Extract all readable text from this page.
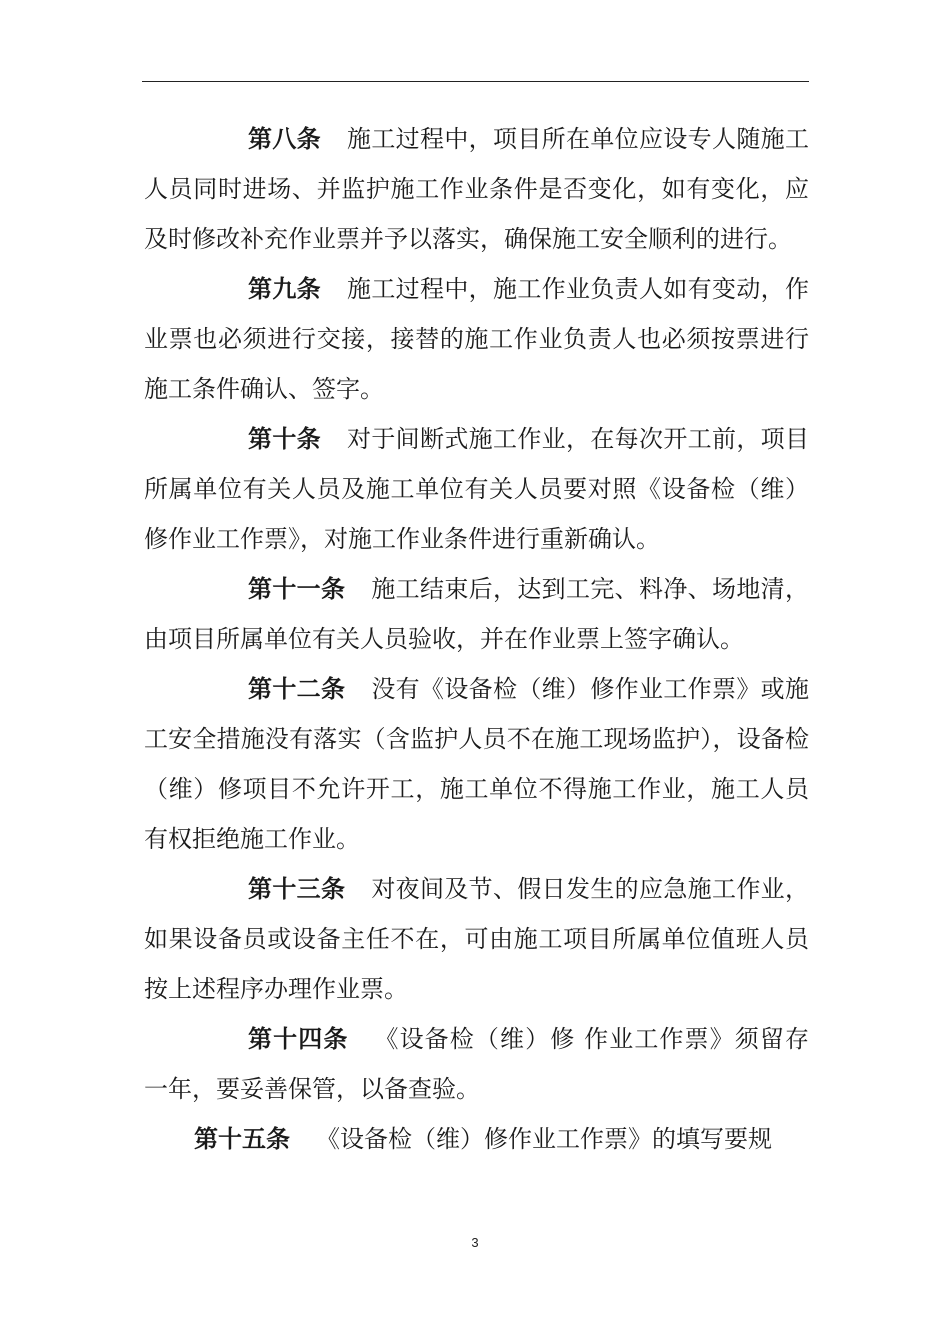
第八条 施工过程中，项目所在单位应设专人随施工人员同时进场、并监护施工作业条件是否变化，如有变化，应及时修改补充作业票并予以落实，确保施工安全顺利的进行。

第九条 施工过程中，施工作业负责人如有变动，作业票也必须进行交接，接替的施工作业负责人也必须按票进行施工条件确认、签字。

第十条 对于间断式施工作业，在每次开工前，项目所属单位有关人员及施工单位有关人员要对照《设备检（维）修作业工作票》，对施工作业条件进行重新确认。

第十一条 施工结束后，达到工完、料净、场地清，由项目所属单位有关人员验收，并在作业票上签字确认。

第十二条 没有《设备检（维）修作业工作票》或施工安全措施没有落实（含监护人员不在施工现场监护），设备检（维）修项目不允许开工，施工单位不得施工作业，施工人员有权拒绝施工作业。

第十三条 对夜间及节、假日发生的应急施工作业，如果设备员或设备主任不在，可由施工项目所属单位值班人员按上述程序办理作业票。

第十四条 《设备检（维）修 作业工作票》须留存一年，要妥善保管，以备查验。

第十五条 《设备检（维）修作业工作票》的填写要规

3
